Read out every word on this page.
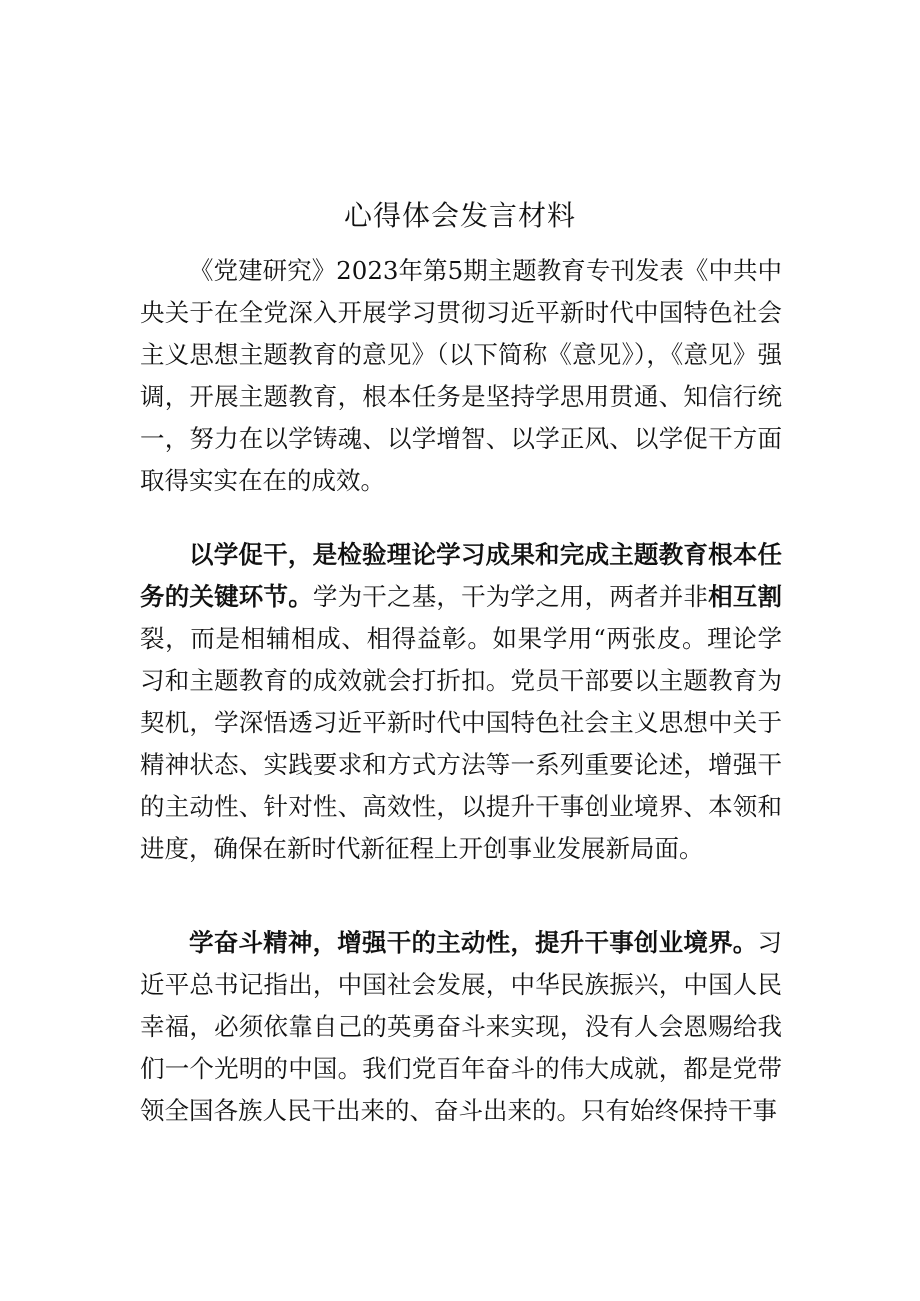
心得体会发言材料

《党建研究》2023年第5期主题教育专刊发表《中共中央关于在全党深入开展学习贯彻习近平新时代中国特色社会主义思想主题教育的意见》（以下简称《意见》），《意见》强调，开展主题教育，根本任务是坚持学思用贯通、知信行统一，努力在以学铸魂、以学增智、以学正风、以学促干方面取得实实在在的成效。

以学促干，是检验理论学习成果和完成主题教育根本任务的关键环节。学为干之基，干为学之用，两者并非相互割裂，而是相辅相成、相得益彰。如果学用“两张皮。理论学习和主题教育的成效就会打折扣。党员干部要以主题教育为契机，学深悟透习近平新时代中国特色社会主义思想中关于精神状态、实践要求和方式方法等一系列重要论述，增强干的主动性、针对性、高效性，以提升干事创业境界、本领和进度，确保在新时代新征程上开创事业发展新局面。

学奋斗精神，增强干的主动性，提升干事创业境界。习近平总书记指出，中国社会发展，中华民族振兴，中国人民幸福，必须依靠自己的英勇奋斗来实现，没有人会恩赐给我们一个光明的中国。我们党百年奋斗的伟大成就，都是党带领全国各族人民干出来的、奋斗出来的。只有始终保持干事
